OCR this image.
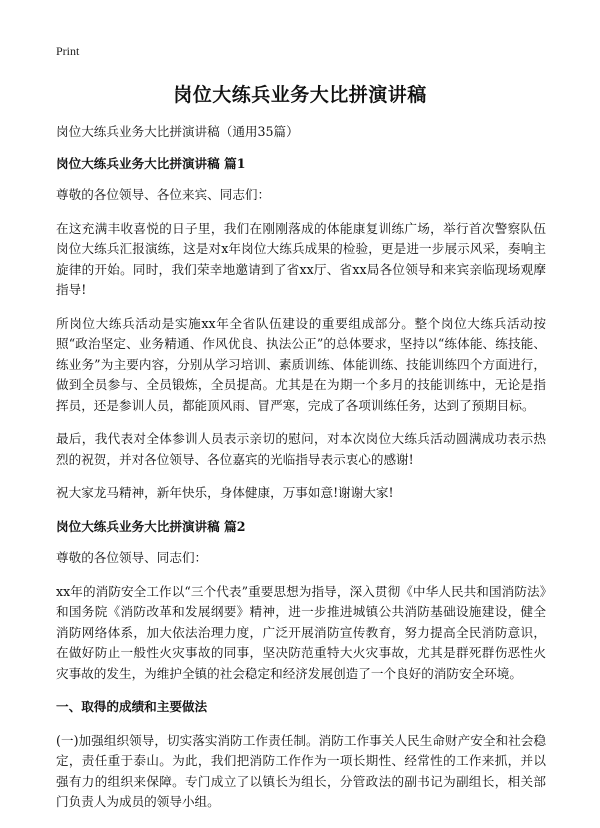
Print
岗位大练兵业务大比拼演讲稿

岗位大练兵业务大比拼演讲稿（通用35篇）

岗位大练兵业务大比拼演讲稿 篇1

尊敬的各位领导、各位来宾、同志们：

在这充满丰收喜悦的日子里，我们在刚刚落成的体能康复训练广场，举行首次警察队伍岗位大练兵汇报演练，这是对x年岗位大练兵成果的检验，更是进一步展示风采，奏响主旋律的开始。同时，我们荣幸地邀请到了省xx厅、省xx局各位领导和来宾亲临现场观摩指导!

所岗位大练兵活动是实施xx年全省队伍建设的重要组成部分。整个岗位大练兵活动按照“政治坚定、业务精通、作风优良、执法公正”的总体要求，坚持以“练体能、练技能、练业务”为主要内容，分别从学习培训、素质训练、体能训练、技能训练四个方面进行，做到全员参与、全员锻炼，全员提高。尤其是在为期一个多月的技能训练中，无论是指挥员，还是参训人员，都能顶风雨、冒严寒，完成了各项训练任务，达到了预期目标。

最后，我代表对全体参训人员表示亲切的慰问，对本次岗位大练兵活动圆满成功表示热烈的祝贺，并对各位领导、各位嘉宾的光临指导表示衷心的感谢!

祝大家龙马精神，新年快乐，身体健康，万事如意!谢谢大家!

岗位大练兵业务大比拼演讲稿 篇2

尊敬的各位领导、同志们：

xx年的消防安全工作以“三个代表”重要思想为指导，深入贯彻《中华人民共和国消防法》和国务院《消防改革和发展纲要》精神，进一步推进城镇公共消防基础设施建设，健全消防网络体系，加大依法治理力度，广泛开展消防宣传教育，努力提高全民消防意识，在做好防止一般性火灾事故的同事，坚决防范重特大火灾事故，尤其是群死群伤恶性火灾事故的发生，为维护全镇的社会稳定和经济发展创造了一个良好的消防安全环境。

一、取得的成绩和主要做法

(一)加强组织领导，切实落实消防工作责任制。消防工作事关人民生命财产安全和社会稳定，责任重于泰山。为此，我们把消防工作作为一项长期性、经常性的工作来抓，并以强有力的组织来保障。专门成立了以镇长为组长，分管政法的副书记为副组长，相关部门负责人为成员的领导小组。
